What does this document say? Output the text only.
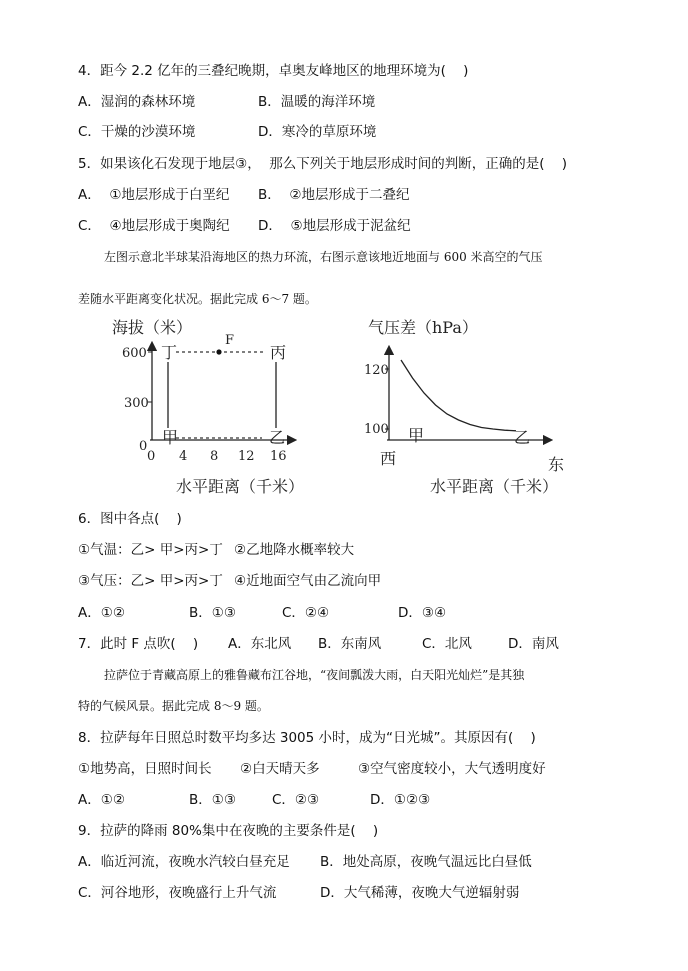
4．距今 2.2 亿年的三叠纪晚期，卓奥友峰地区的地理环境为(    )
A．湿润的森林环境	B．温暖的海洋环境
C．干燥的沙漠环境	D．寒冷的草原环境
5．如果该化石发现于地层③，  那么下列关于地层形成时间的判断，正确的是(    )
A．  ①地层形成于白垩纪 B．  ②地层形成于二叠纪
C．  ④地层形成于奥陶纪 D．  ⑤地层形成于泥盆纪
左图示意北半球某沿海地区的热力环流，右图示意该地近地面与 600 米高空的气压
差随水平距离变化状况。据此完成 6～7 题。
海拔（米）
600
300
0
F
丁	丙
甲	乙
0 4 8 12 16
水平距离（千米）
气压差（hPa）
120
100 甲	乙
西	东
水平距离（千米）
6．图中各点(    )
①气温：乙> 甲>丙>丁 ②乙地降水概率较大
③气压：乙> 甲>丙>丁 ④近地面空气由乙流向甲
A．①②	B．①③	C．②④	D．③④
7．此时 F 点吹(    ) A．东北风 B．东南风	C．北风	D．南风
拉萨位于青藏高原上的雅鲁藏布江谷地，“夜间瓢泼大雨，白天阳光灿烂”是其独
特的气候风景。据此完成 8～9 题。
8．拉萨每年日照总时数平均多达 3005 小时，成为“日光城”。其原因有(    )
①地势高，日照时间长 ②白天晴天多	③空气密度较小，大气透明度好
A．①②	B．①③	C．②③	D．①②③
9．拉萨的降雨 80%集中在夜晚的主要条件是(    )
A．临近河流，夜晚水汽较白昼充足 B．地处高原，夜晚气温远比白昼低
C．河谷地形，夜晚盛行上升气流	D．大气稀薄，夜晚大气逆辐射弱
